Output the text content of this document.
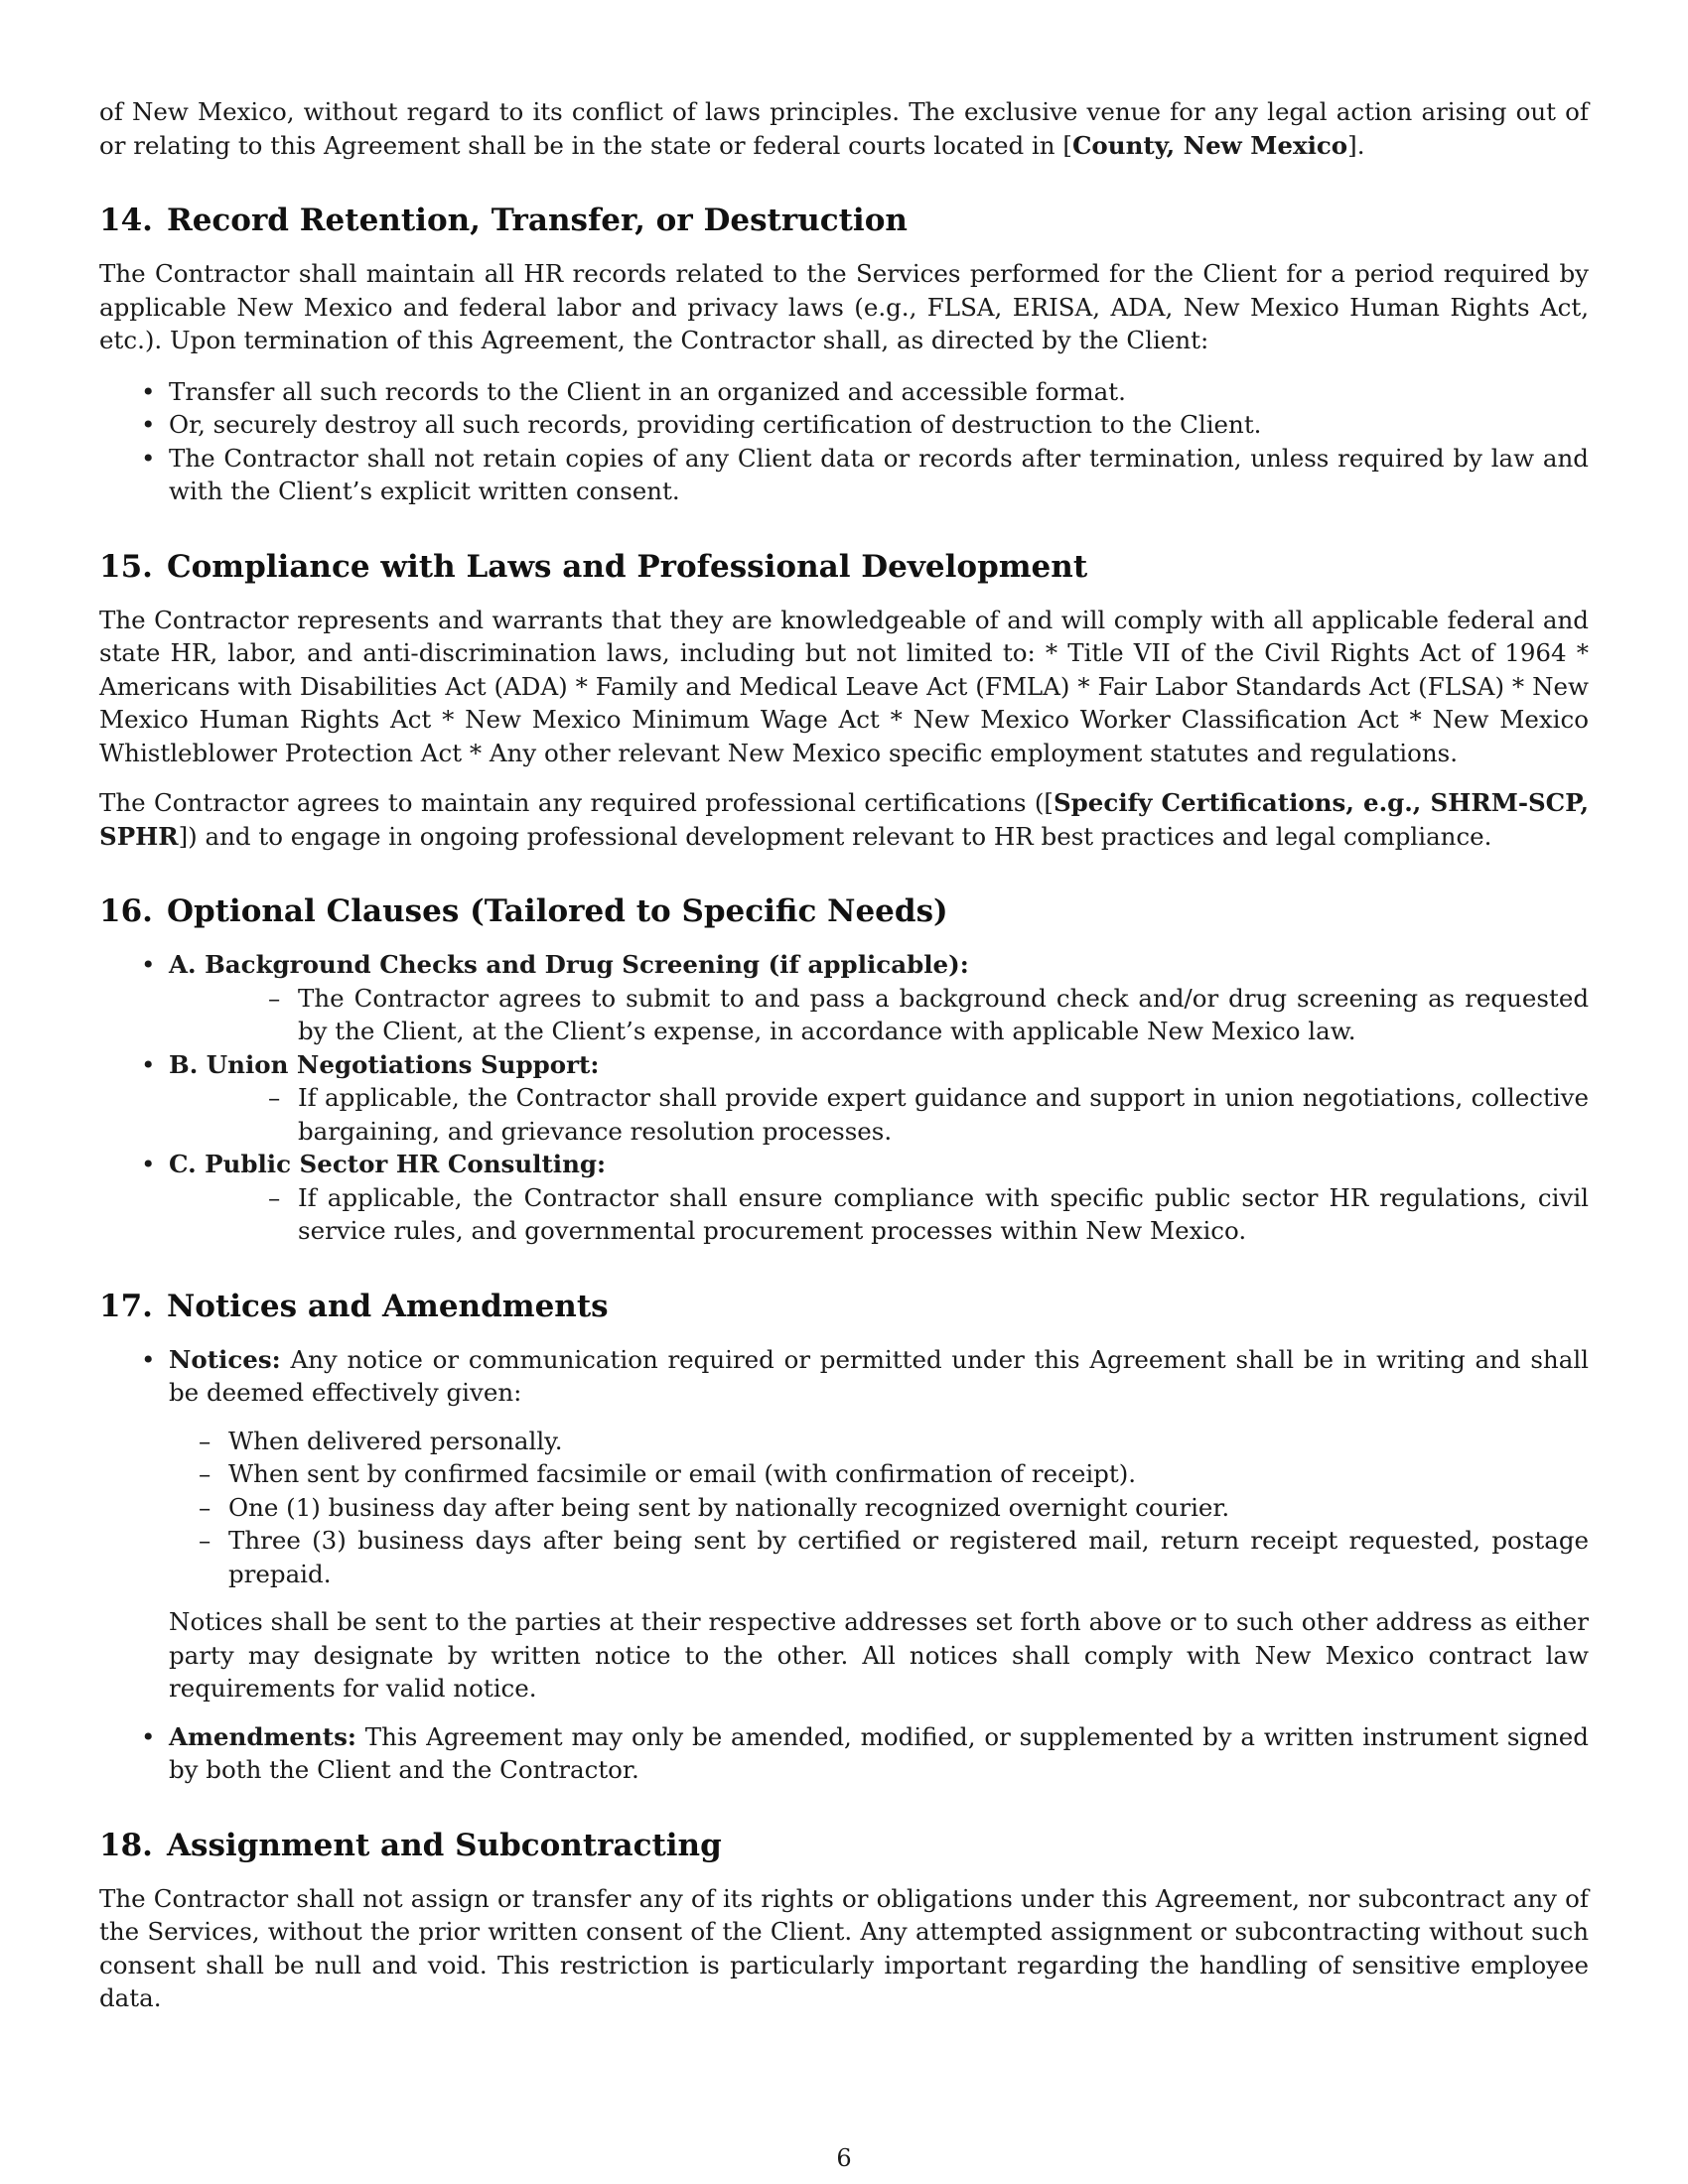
of New Mexico, without regard to its conflict of laws principles. The exclusive venue for any legal action arising out of or relating to this Agreement shall be in the state or federal courts located in [County, New Mexico].

14. Record Retention, Transfer, or Destruction

The Contractor shall maintain all HR records related to the Services performed for the Client for a period required by applicable New Mexico and federal labor and privacy laws (e.g., FLSA, ERISA, ADA, New Mexico Human Rights Act, etc.). Upon termination of this Agreement, the Contractor shall, as directed by the Client:

• Transfer all such records to the Client in an organized and accessible format.
• Or, securely destroy all such records, providing certification of destruction to the Client.
• The Contractor shall not retain copies of any Client data or records after termination, unless required by law and with the Client’s explicit written consent.
15. Compliance with Laws and Professional Development

The Contractor represents and warrants that they are knowledgeable of and will comply with all applicable federal and state HR, labor, and anti-discrimination laws, including but not limited to: * Title VII of the Civil Rights Act of 1964 * Americans with Disabilities Act (ADA) * Family and Medical Leave Act (FMLA) * Fair Labor Standards Act (FLSA) * New Mexico Human Rights Act * New Mexico Minimum Wage Act * New Mexico Worker Classification Act * New Mexico Whistleblower Protection Act * Any other relevant New Mexico specific employment statutes and regulations.

The Contractor agrees to maintain any required professional certifications ([Specify Certifications, e.g., SHRM-SCP, SPHR]) and to engage in ongoing professional development relevant to HR best practices and legal compliance.

16. Optional Clauses (Tailored to Specific Needs)
• A. Background Checks and Drug Screening (if applicable):
– The Contractor agrees to submit to and pass a background check and/or drug screening as requested by the Client, at the Client’s expense, in accordance with applicable New Mexico law.
• B. Union Negotiations Support:
– If applicable, the Contractor shall provide expert guidance and support in union negotiations, collective bargaining, and grievance resolution processes.
• C. Public Sector HR Consulting:
– If applicable, the Contractor shall ensure compliance with specific public sector HR regulations, civil service rules, and governmental procurement processes within New Mexico.
17. Notices and Amendments
• Notices: Any notice or communication required or permitted under this Agreement shall be in writing and shall be deemed effectively given:
– When delivered personally.
– When sent by confirmed facsimile or email (with confirmation of receipt).
– One (1) business day after being sent by nationally recognized overnight courier.
– Three (3) business days after being sent by certified or registered mail, return receipt requested, postage prepaid.

Notices shall be sent to the parties at their respective addresses set forth above or to such other address as either party may designate by written notice to the other. All notices shall comply with New Mexico contract law requirements for valid notice.

• Amendments: This Agreement may only be amended, modified, or supplemented by a written instrument signed by both the Client and the Contractor.
18. Assignment and Subcontracting

The Contractor shall not assign or transfer any of its rights or obligations under this Agreement, nor subcontract any of the Services, without the prior written consent of the Client. Any attempted assignment or subcontracting without such consent shall be null and void. This restriction is particularly important regarding the handling of sensitive employee data.

6
